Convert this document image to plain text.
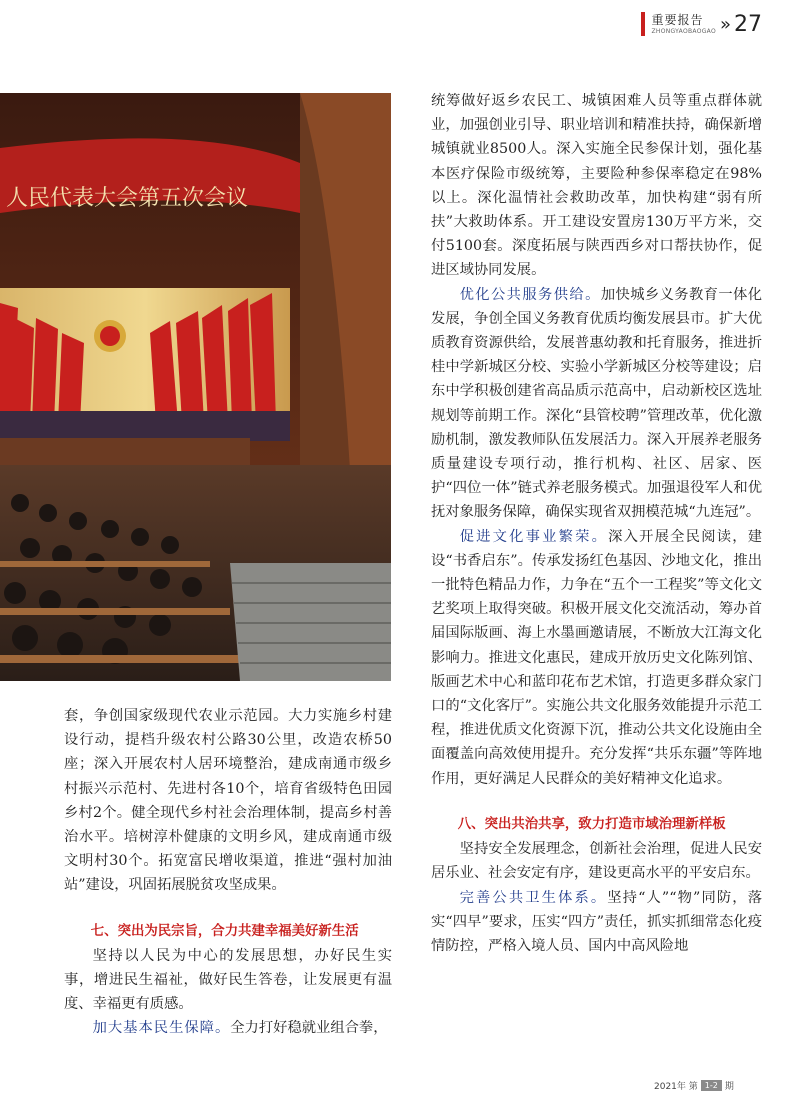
重要报告
ZHONGYAOBAOGAO » 27
人民代表大会第五次会议

统筹做好返乡农民工、城镇困难人员等重点群体就业，加强创业引导、职业培训和精准扶持，确保新增城镇就业8500人。深入实施全民参保计划，强化基本医疗保险市级统筹，主要险种参保率稳定在98%以上。深化温情社会救助改革，加快构建“弱有所扶”大救助体系。开工建设安置房130万平方米，交付5100套。深度拓展与陕西西乡对口帮扶协作，促进区域协同发展。

优化公共服务供给。加快城乡义务教育一体化发展，争创全国义务教育优质均衡发展县市。扩大优质教育资源供给，发展普惠幼教和托育服务，推进折桂中学新城区分校、实验小学新城区分校等建设；启东中学积极创建省高品质示范高中，启动新校区选址规划等前期工作。深化“县管校聘”管理改革，优化激励机制，激发教师队伍发展活力。深入开展养老服务质量建设专项行动，推行机构、社区、居家、医护“四位一体”链式养老服务模式。加强退役军人和优抚对象服务保障，确保实现省双拥模范城“九连冠”。

促进文化事业繁荣。深入开展全民阅读，建设“书香启东”。传承发扬红色基因、沙地文化，推出一批特色精品力作，力争在“五个一工程奖”等文化文艺奖项上取得突破。积极开展文化交流活动，筹办首届国际版画、海上水墨画邀请展，不断放大江海文化影响力。推进文化惠民，建成开放历史文化陈列馆、版画艺术中心和蓝印花布艺术馆，打造更多群众家门口的“文化客厅”。实施公共文化服务效能提升示范工程，推进优质文化资源下沉，推动公共文化设施由全面覆盖向高效使用提升。充分发挥“共乐东疆”等阵地作用，更好满足人民群众的美好精神文化追求。

八、突出共治共享，致力打造市域治理新样板

坚持安全发展理念，创新社会治理，促进人民安居乐业、社会安定有序，建设更高水平的平安启东。

完善公共卫生体系。坚持“人”“物”同防，落实“四早”要求，压实“四方”责任，抓实抓细常态化疫情防控，严格入境人员、国内中高风险地

套，争创国家级现代农业示范园。大力实施乡村建设行动，提档升级农村公路30公里，改造农桥50座；深入开展农村人居环境整治，建成南通市级乡村振兴示范村、先进村各10个，培育省级特色田园乡村2个。健全现代乡村社会治理体制，提高乡村善治水平。培树淳朴健康的文明乡风，建成南通市级文明村30个。拓宽富民增收渠道，推进“强村加油站”建设，巩固拓展脱贫攻坚成果。

七、突出为民宗旨，合力共建幸福美好新生活

坚持以人民为中心的发展思想，办好民生实事，增进民生福祉，做好民生答卷，让发展更有温度、幸福更有质感。

加大基本民生保障。全力打好稳就业组合拳，

2021年 第 1-2 期
